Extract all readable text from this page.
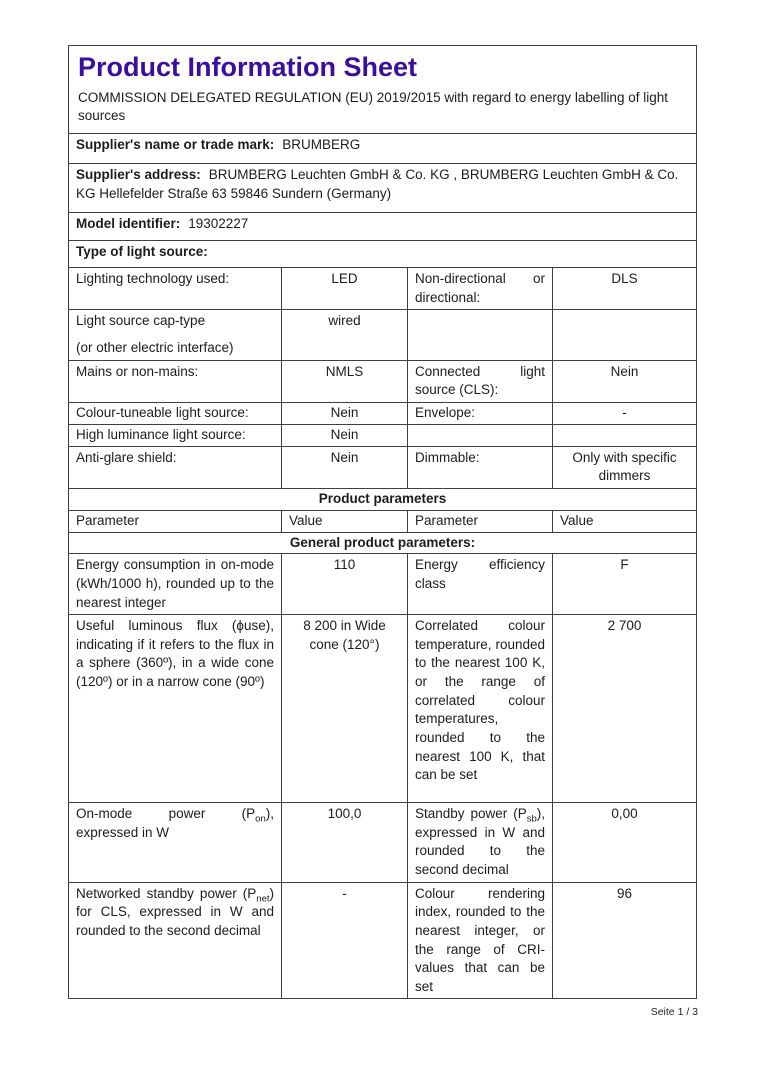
Product Information Sheet

COMMISSION DELEGATED REGULATION (EU) 2019/2015 with regard to energy labelling of light sources

Supplier's name or trade mark: BRUMBERG			
Supplier's address: BRUMBERG Leuchten GmbH & Co. KG , BRUMBERG Leuchten GmbH & Co. KG Hellefelder Straße 63 59846 Sundern (Germany)			
Model identifier: 19302227			
Type of light source:			
Lighting technology used:	LED	Non-directional or directional:	DLS

Light source cap-type
(or other electric interface)	wired		
Mains or non-mains:	NMLS	Connected light source (CLS):	Nein
Colour-tuneable light source:	Nein	Envelope:	-
High luminance light source:	Nein		
Anti-glare shield:	Nein	Dimmable:	Only with specific dimmers
Product parameters			
Parameter	Value	Parameter	Value
General product parameters:			
Energy consumption in on-mode (kWh/1000 h), rounded up to the nearest integer	110	Energy efficiency class	F
Useful luminous flux (ϕuse), indicating if it refers to the flux in a sphere (360º), in a wide cone (120º) or in a narrow cone (90º)	8 200 in Wide cone (120°)	Correlated colour temperature, rounded to the nearest 100 K, or the range of correlated colour temperatures, rounded to the nearest 100 K, that can be set	2 700
On-mode power $(P_{on})$, expressed in W	100,0	Standby power $(P_{sb})$, expressed in W and rounded to the second decimal	0,00
Networked standby power $(P_{net})$ for CLS, expressed in W and rounded to the second decimal	-	Colour rendering index, rounded to the nearest integer, or the range of CRI-values that can be set	96
Seite 1 / 3
